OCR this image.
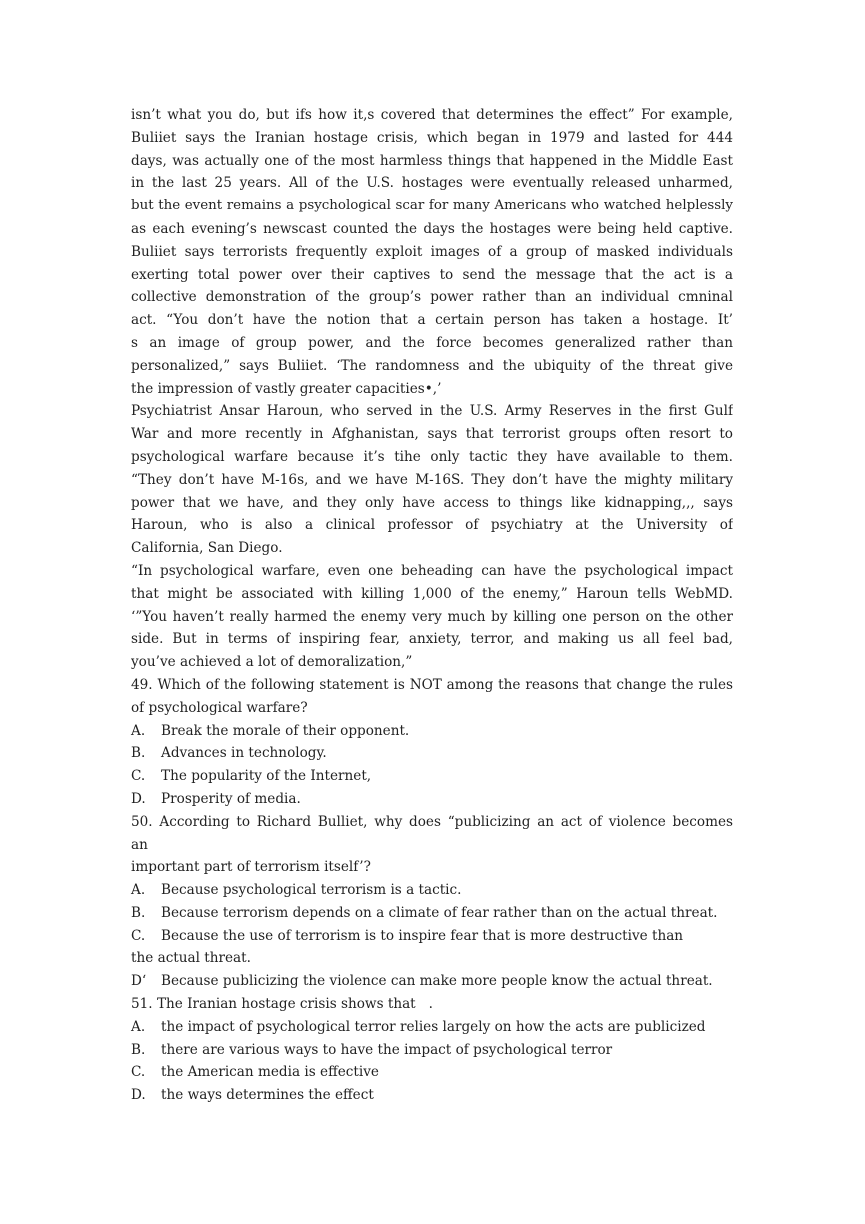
isn’t what you do, but ifs how it,s covered that determines the effect” For example,
Buliiet says the Iranian hostage crisis, which began in 1979 and lasted for 444
days, was actually one of the most harmless things that happened in the Middle East
in the last 25 years. All of the U.S. hostages were eventually released unharmed,
but the event remains a psychological scar for many Americans who watched helplessly
as each evening’s newscast counted the days the hostages were being held captive.
Buliiet says terrorists frequently exploit images of a group of masked individuals
exerting total power over their captives to send the message that the act is a
collective demonstration of the group’s power rather than an individual cmninal
act. “You don’t have the notion that a certain person has taken a hostage. It’
s an image of group power, and the force becomes generalized rather than
personalized,” says Buliiet. ‘The randomness and the ubiquity of the threat give
the impression of vastly greater capacities•,’
Psychiatrist Ansar Haroun, who served in the U.S. Army Reserves in the first Gulf
War and more recently in Afghanistan, says that terrorist groups often resort to
psychological warfare because it’s tihe only tactic they have available to them.
“They don’t have M-16s, and we have M-16S. They don’t have the mighty military
power that we have, and they only have access to things like kidnapping,,, says
Haroun, who is also a clinical professor of psychiatry at the University of
California, San Diego.
“In psychological warfare, even one beheading can have the psychological impact
that might be associated with killing 1,000 of the enemy,” Haroun tells WebMD.
‘”You haven’t really harmed the enemy very much by killing one person on the other
side. But in terms of inspiring fear, anxiety, terror, and making us all feel bad,
you’ve achieved a lot of demoralization,”
49. Which of the following statement is NOT among the reasons that change the rules
of psychological warfare?
A. Break the morale of their opponent.
B. Advances in technology.
C. The popularity of the Internet,
D. Prosperity of media.
50. According to Richard Bulliet, why does “publicizing an act of violence becomes
an
important part of terrorism itself’?
A. Because psychological terrorism is a tactic.
B. Because terrorism depends on a climate of fear rather than on the actual threat.
C. Because the use of terrorism is to inspire fear that is more destructive than
the actual threat.
D‘ Because publicizing the violence can make more people know the actual threat.
51. The Iranian hostage crisis shows that   .
A. the impact of psychological terror relies largely on how the acts are publicized
B. there are various ways to have the impact of psychological terror
C. the American media is effective
D. the ways determines the effect
